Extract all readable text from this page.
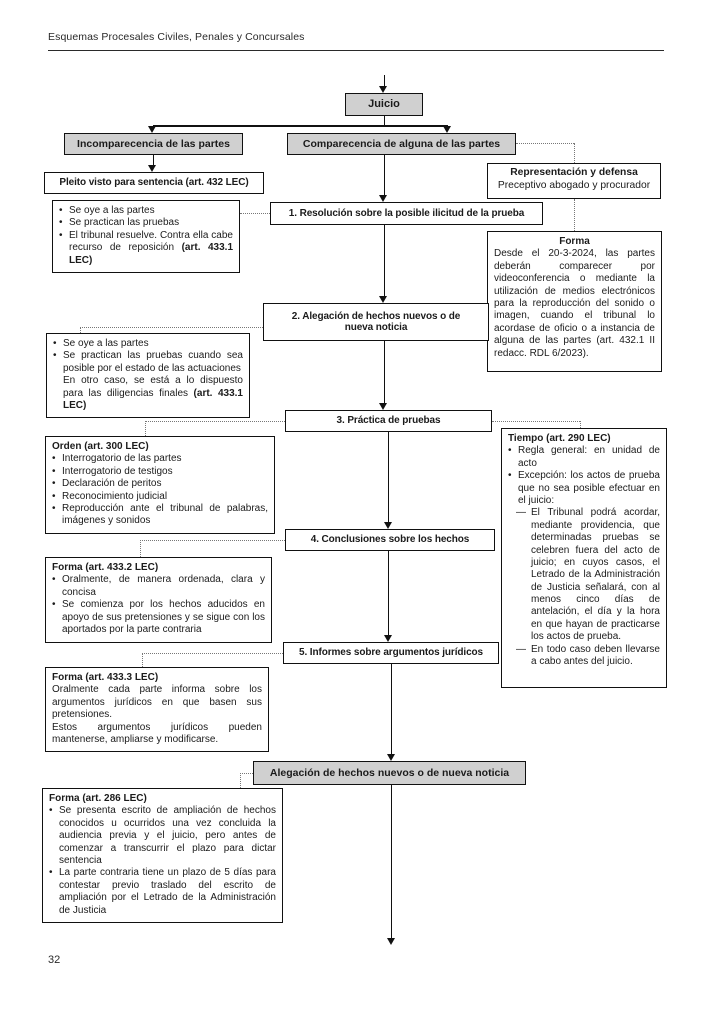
Esquemas Procesales Civiles, Penales y Concursales
Juicio
Incomparecencia de las partes	Comparecencia de alguna de las partes
Pleito visto para sentencia (art. 432 LEC)
Representación y defensa
Preceptivo abogado y procurador
1. Resolución sobre la posible ilicitud de la prueba
• Se oye a las partes
• Se practican las pruebas
• El tribunal resuelve. Contra ella cabe recurso de reposición (art. 433.1 LEC)
Forma
Desde el 20-3-2024, las partes deberán comparecer por videoconferencia o mediante la utilización de medios electrónicos para la reproducción del sonido o imagen, cuando el tribunal lo acordase de oficio o a instancia de alguna de las partes (art. 432.1 II redacc. RDL 6/2023).
2. Alegación de hechos nuevos o de nueva noticia
• Se oye a las partes
• Se practican las pruebas cuando sea posible por el estado de las actuaciones
En otro caso, se está a lo dispuesto para las diligencias finales (art. 433.1 LEC)
3. Práctica de pruebas
Orden (art. 300 LEC)
• Interrogatorio de las partes
• Interrogatorio de testigos
• Declaración de peritos
• Reconocimiento judicial
• Reproducción ante el tribunal de palabras, imágenes y sonidos
Tiempo (art. 290 LEC)
• Regla general: en unidad de acto
• Excepción: los actos de prueba que no sea posible efectuar en el juicio:
— El Tribunal podrá acordar, mediante providencia, que determinadas pruebas se celebren fuera del acto de juicio; en cuyos casos, el Letrado de la Administración de Justicia señalará, con al menos cinco días de antelación, el día y la hora en que hayan de practicarse los actos de prueba.
— En todo caso deben llevarse a cabo antes del juicio.
4. Conclusiones sobre los hechos
Forma (art. 433.2 LEC)
• Oralmente, de manera ordenada, clara y concisa
• Se comienza por los hechos aducidos en apoyo de sus pretensiones y se sigue con los aportados por la parte contraria
5. Informes sobre argumentos jurídicos
Forma (art. 433.3 LEC)
Oralmente cada parte informa sobre los argumentos jurídicos en que basen sus pretensiones.
Estos argumentos jurídicos pueden mantenerse, ampliarse y modificarse.
Alegación de hechos nuevos o de nueva noticia
Forma (art. 286 LEC)
• Se presenta escrito de ampliación de hechos conocidos u ocurridos una vez concluida la audiencia previa y el juicio, pero antes de comenzar a transcurrir el plazo para dictar sentencia
• La parte contraria tiene un plazo de 5 días para contestar previo traslado del escrito de ampliación por el Letrado de la Administración de Justicia
32
